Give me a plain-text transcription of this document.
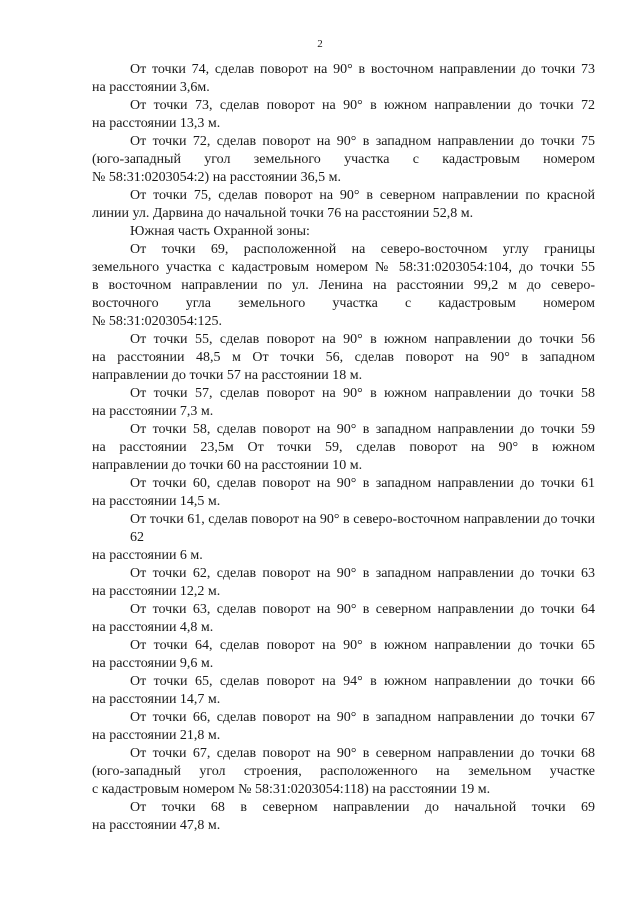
2
От точки 74, сделав поворот на 90° в восточном направлении до точки 73
на расстоянии 3,6м.
От точки 73, сделав поворот на 90° в южном направлении до точки 72
на расстоянии 13,3 м.
От точки 72, сделав поворот на 90° в западном направлении до точки 75
(юго-западный угол земельного участка с кадастровым номером
№ 58:31:0203054:2) на расстоянии 36,5 м.
От точки 75, сделав поворот на 90° в северном направлении по красной
линии ул. Дарвина до начальной точки 76 на расстоянии 52,8 м.
Южная часть Охранной зоны:
От точки 69, расположенной на северо-восточном углу границы
земельного участка с кадастровым номером № 58:31:0203054:104, до точки 55
в восточном направлении по ул. Ленина на расстоянии 99,2 м до северо-
восточного угла земельного участка с кадастровым номером
№ 58:31:0203054:125.
От точки 55, сделав поворот на 90° в южном направлении до точки 56
на расстоянии 48,5 м От точки 56, сделав поворот на 90° в западном
направлении до точки 57 на расстоянии 18 м.
От точки 57, сделав поворот на 90° в южном направлении до точки 58
на расстоянии 7,3 м.
От точки 58, сделав поворот на 90° в западном направлении до точки 59
на расстоянии 23,5м От точки 59, сделав поворот на 90° в южном
направлении до точки 60 на расстоянии 10 м.
От точки 60, сделав поворот на 90° в западном направлении до точки 61
на расстоянии 14,5 м.
От точки 61, сделав поворот на 90° в северо-восточном направлении до точки 62
на расстоянии 6 м.
От точки 62, сделав поворот на 90° в западном направлении до точки 63
на расстоянии 12,2 м.
От точки 63, сделав поворот на 90° в северном направлении до точки 64
на расстоянии 4,8 м.
От точки 64, сделав поворот на 90° в южном направлении до точки 65
на расстоянии 9,6 м.
От точки 65, сделав поворот на 94° в южном направлении до точки 66
на расстоянии 14,7 м.
От точки 66, сделав поворот на 90° в западном направлении до точки 67
на расстоянии 21,8 м.
От точки 67, сделав поворот на 90° в северном направлении до точки 68
(юго-западный угол строения, расположенного на земельном участке
с кадастровым номером № 58:31:0203054:118) на расстоянии 19 м.
От точки 68 в северном направлении до начальной точки 69
на расстоянии 47,8 м.
